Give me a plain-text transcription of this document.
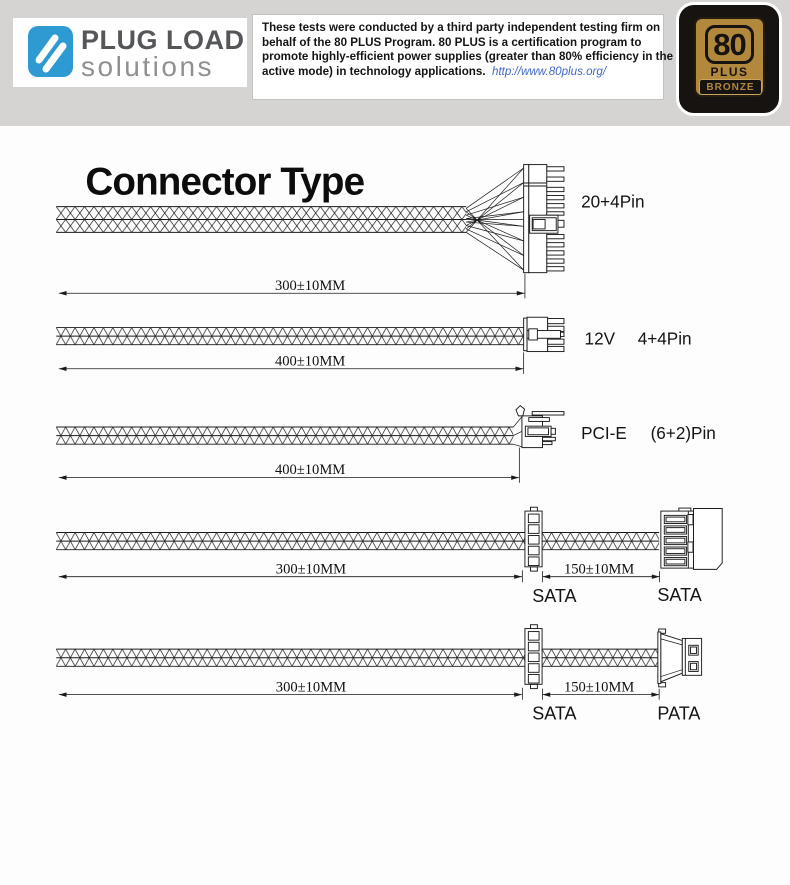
PLUG LOAD
solutions
These tests were conducted by a third party independent testing firm on
behalf of the 80 PLUS Program. 80 PLUS is a certification program to
promote highly-efficient power supplies (greater than 80% efficiency in the
active mode) in technology applications. http://www.80plus.org/
80
PLUS
BRONZE
Connector Type	20+4Pin
300±10MM
12V 4+4Pin
400±10MM
PCI-E (6+2)Pin
400±10MM
300±10MM	150±10MM
SATA	SATA
300±10MM	150±10MM
SATA	PATA
